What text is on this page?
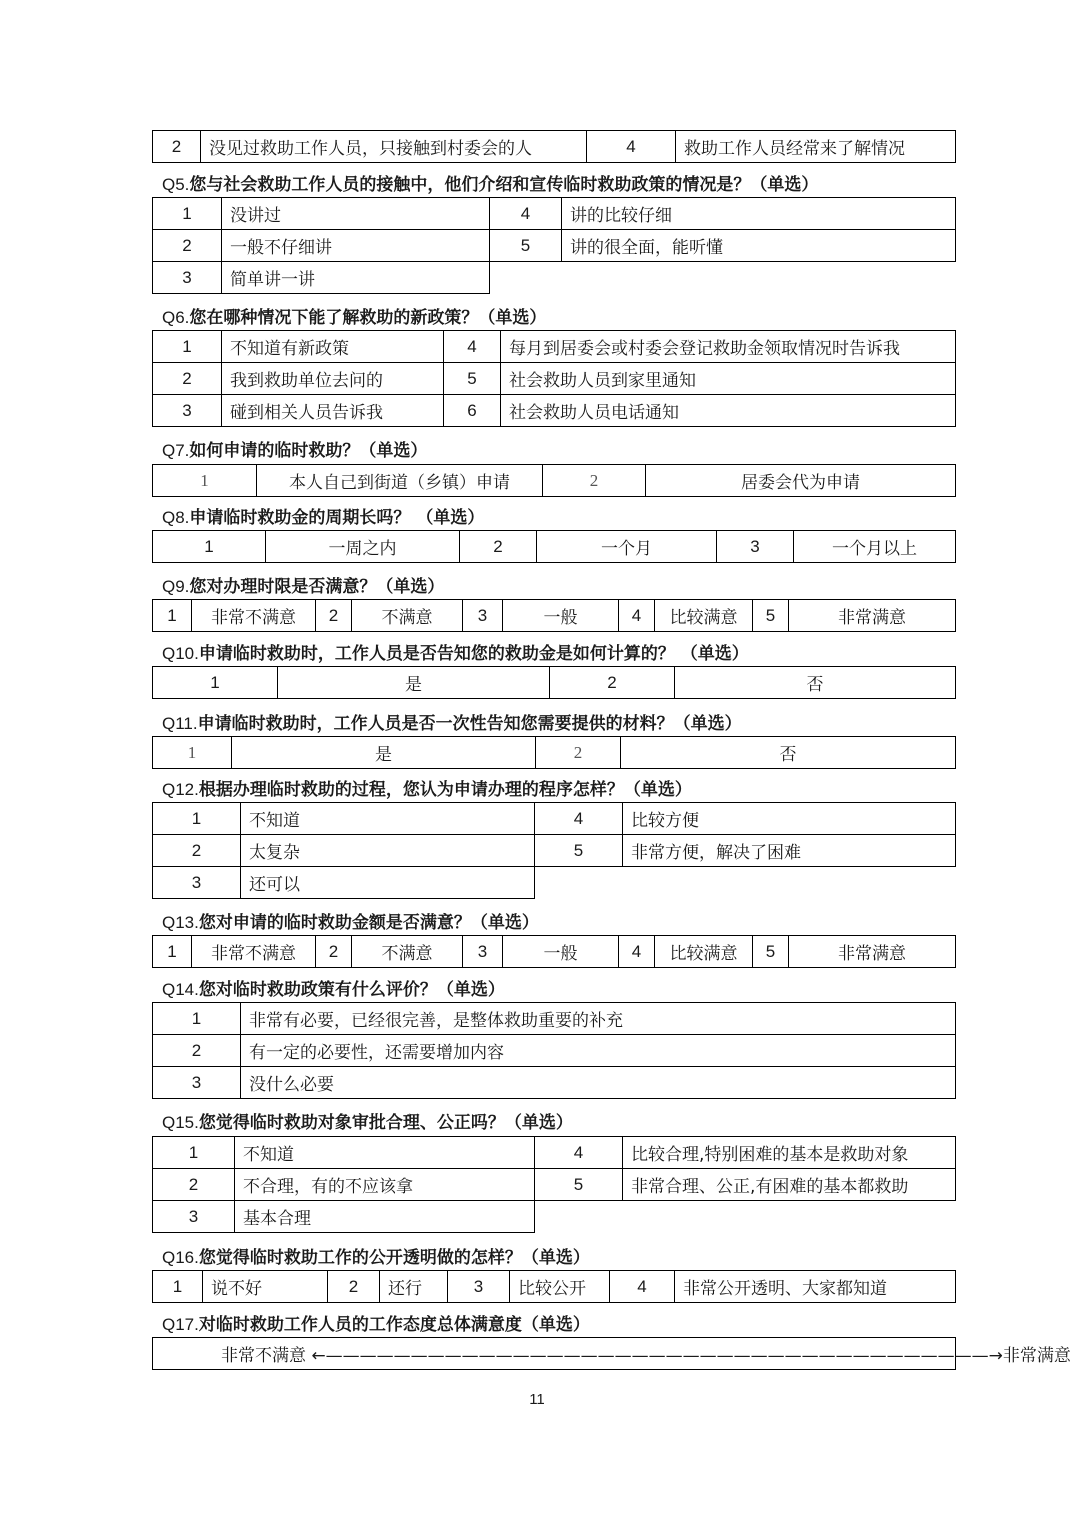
2	没见过救助工作人员，只接触到村委会的人	4	救助工作人员经常来了解情况
Q5.您与社会救助工作人员的接触中，他们介绍和宣传临时救助政策的情况是？（单选）
1	没讲过	4	讲的比较仔细
2	一般不仔细讲	5	讲的很全面，能听懂
3	简单讲一讲		
Q6.您在哪种情况下能了解救助的新政策？（单选）
1	不知道有新政策	4	每月到居委会或村委会登记救助金领取情况时告诉我
2	我到救助单位去问的	5	社会救助人员到家里通知
3	碰到相关人员告诉我	6	社会救助人员电话通知
Q7.如何申请的临时救助？（单选）
1	本人自己到街道（乡镇）申请	2	居委会代为申请
Q8.申请临时救助金的周期长吗？ （单选）
1	一周之内	2	一个月	3	一个月以上
Q9.您对办理时限是否满意？（单选）
1	非常不满意	2	不满意	3	一般	4	比较满意	5	非常满意
Q10.申请临时救助时，工作人员是否告知您的救助金是如何计算的？ （单选）
1	是	2	否
Q11.申请临时救助时，工作人员是否一次性告知您需要提供的材料？（单选）
1	是	2	否
Q12.根据办理临时救助的过程，您认为申请办理的程序怎样？（单选）
1	不知道	4	比较方便
2	太复杂	5	非常方便，解决了困难
3	还可以		
Q13.您对申请的临时救助金额是否满意？（单选）
1	非常不满意	2	不满意	3	一般	4	比较满意	5	非常满意
Q14.您对临时救助政策有什么评价？（单选）
1	非常有必要，已经很完善，是整体救助重要的补充
2	有一定的必要性，还需要增加内容
3	没什么必要
Q15.您觉得临时救助对象审批合理、公正吗？（单选）
1	不知道	4	比较合理,特别困难的基本是救助对象
2	不合理，有的不应该拿	5	非常合理、公正,有困难的基本都救助
3	基本合理		
Q16.您觉得临时救助工作的公开透明做的怎样？（单选）
1	说不好	2	还行	3	比较公开	4	非常公开透明、大家都知道
Q17.对临时救助工作人员的工作态度总体满意度（单选）
非常不满意 ←———————————————————————————————————————→非常满意
11
